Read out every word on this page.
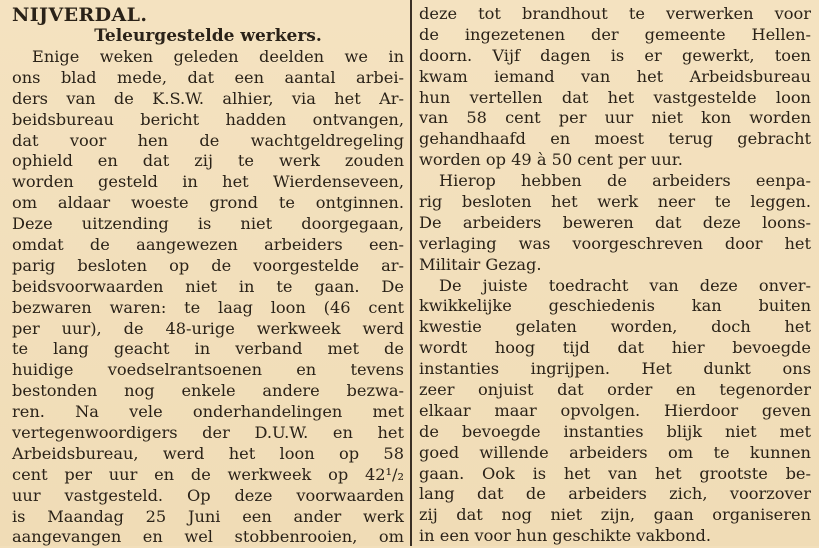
NIJVERDAL.
Teleurgestelde werkers.
Enige weken geleden deelden we in
ons blad mede, dat een aantal arbei-
ders van de K.S.W. alhier, via het Ar-
beidsbureau bericht hadden ontvangen,
dat voor hen de wachtgeldregeling
ophield en dat zij te werk zouden
worden gesteld in het Wierdenseveen,
om aldaar woeste grond te ontginnen.
Deze uitzending is niet doorgegaan,
omdat de aangewezen arbeiders een-
parig besloten op de voorgestelde ar-
beidsvoorwaarden niet in te gaan. De
bezwaren waren: te laag loon (46 cent
per uur), de 48-urige werkweek werd
te lang geacht in verband met de
huidige voedselrantsoenen en tevens
bestonden nog enkele andere bezwa-
ren. Na vele onderhandelingen met
vertegenwoordigers der D.U.W. en het
Arbeidsbureau, werd het loon op 58
cent per uur en de werkweek op 42¹/₂
uur vastgesteld. Op deze voorwaarden
is Maandag 25 Juni een ander werk
aangevangen en wel stobbenrooien, om
deze tot brandhout te verwerken voor
de ingezetenen der gemeente Hellen-
doorn. Vijf dagen is er gewerkt, toen
kwam iemand van het Arbeidsbureau
hun vertellen dat het vastgestelde loon
van 58 cent per uur niet kon worden
gehandhaafd en moest terug gebracht
worden op 49 à 50 cent per uur.
Hierop hebben de arbeiders eenpa-
rig besloten het werk neer te leggen.
De arbeiders beweren dat deze loons-
verlaging was voorgeschreven door het
Militair Gezag.
De juiste toedracht van deze onver-
kwikkelijke geschiedenis kan buiten
kwestie gelaten worden, doch het
wordt hoog tijd dat hier bevoegde
instanties ingrijpen. Het dunkt ons
zeer onjuist dat order en tegenorder
elkaar maar opvolgen. Hierdoor geven
de bevoegde instanties blijk niet met
goed willende arbeiders om te kunnen
gaan. Ook is het van het grootste be-
lang dat de arbeiders zich, voorzover
zij dat nog niet zijn, gaan organiseren
in een voor hun geschikte vakbond.
